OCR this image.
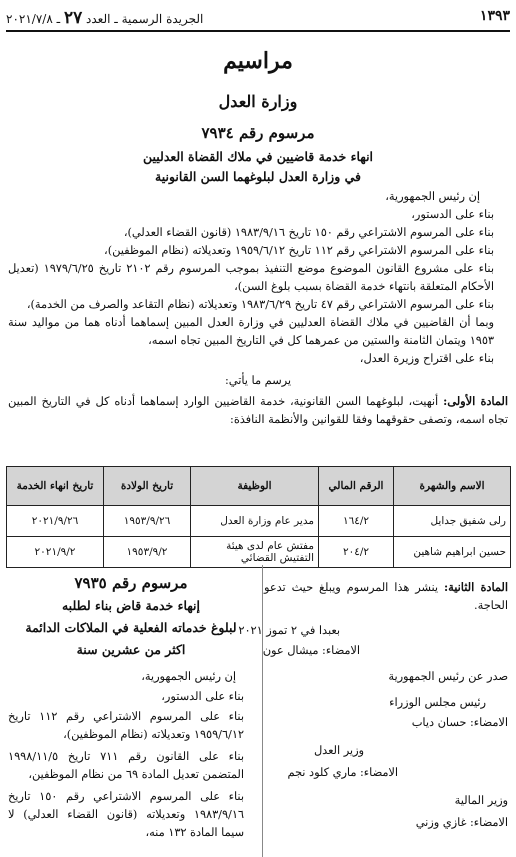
١٣٩٣
الجريدة الرسمية ـ العدد ٢٧ ـ ٢٠٢١/٧/٨
مراسيم
وزارة العدل
مرسوم رقم ٧٩٣٤
انهاء خدمة قاضيين في ملاك القضاة العدليين
في وزارة العدل لبلوغهما السن القانونية
إن رئيس الجمهورية،
بناء على الدستور،
بناء على المرسوم الاشتراعي رقم ١٥٠ تاريخ ١٩٨٣/٩/١٦ (قانون القضاء العدلي)،
بناء على المرسوم الاشتراعي رقم ١١٢ تاريخ ١٩٥٩/٦/١٢ وتعديلاته (نظام الموظفين)،
بناء على مشروع القانون الموضوع موضع التنفيذ بموجب المرسوم رقم ٢١٠٢ تاريخ ١٩٧٩/٦/٢٥ (تعديل الأحكام المتعلقة بانتهاء خدمة القضاة بسبب بلوغ السن)،
بناء على المرسوم الاشتراعي رقم ٤٧ تاريخ ١٩٨٣/٦/٢٩ وتعديلاته (نظام التقاعد والصرف من الخدمة)،
وبما أن القاضيين في ملاك القضاة العدليين في وزارة العدل المبين إسماهما أدناه هما من مواليد سنة ١٩٥٣ ويتمان الثامنة والستين من عمرهما كل في التاريخ المبين تجاه اسمه،
بناء على اقتراح وزيرة العدل،
يرسم ما يأتي:
المادة الأولى: أنهيت، لبلوغهما السن القانونية، خدمة القاضيين الوارد إسماهما أدناه كل في التاريخ المبين تجاه اسمه، وتصفى حقوقهما وفقا للقوانين والأنظمة النافذة:
الاسم والشهرة	الرقم المالي	الوظيفة	تاريخ الولادة	تاريخ انهاء الخدمة
رلى شفيق جدايل	١٦٤/٢	مدير عام وزارة العدل	١٩٥٣/٩/٢٦	٢٠٢١/٩/٢٦
حسين ابراهيم شاهين	٢٠٤/٢	مفتش عام لدى هيئة التفتيش القضائي	١٩٥٣/٩/٢	٢٠٢١/٩/٢
المادة الثانية: ينشر هذا المرسوم ويبلغ حيث تدعو الحاجة.
بعبدا في ٢ تموز ٢٠٢١
الامضاء: ميشال عون
صدر عن رئيس الجمهورية
رئيس مجلس الوزراء
الامضاء: حسان دياب
وزير العدل
الامضاء: ماري كلود نجم
وزير المالية
الامضاء: غازي وزني
مرسوم رقم ٧٩٣٥
إنهاء خدمة قاض بناء لطلبه
لبلوغ خدماته الفعلية في الملاكات الدائمة
اكثر من عشرين سنة
إن رئيس الجمهورية،
بناء على الدستور،
بناء على المرسوم الاشتراعي رقم ١١٢ تاريخ ١٩٥٩/٦/١٢ وتعديلاته (نظام الموظفين)،
بناء على القانون رقم ٧١١ تاريخ ١٩٩٨/١١/٥ المتضمن تعديل المادة ٦٩ من نظام الموظفين،
بناء على المرسوم الاشتراعي رقم ١٥٠ تاريخ ١٩٨٣/٩/١٦ وتعديلاته (قانون القضاء العدلي) لا سيما المادة ١٣٢ منه،
